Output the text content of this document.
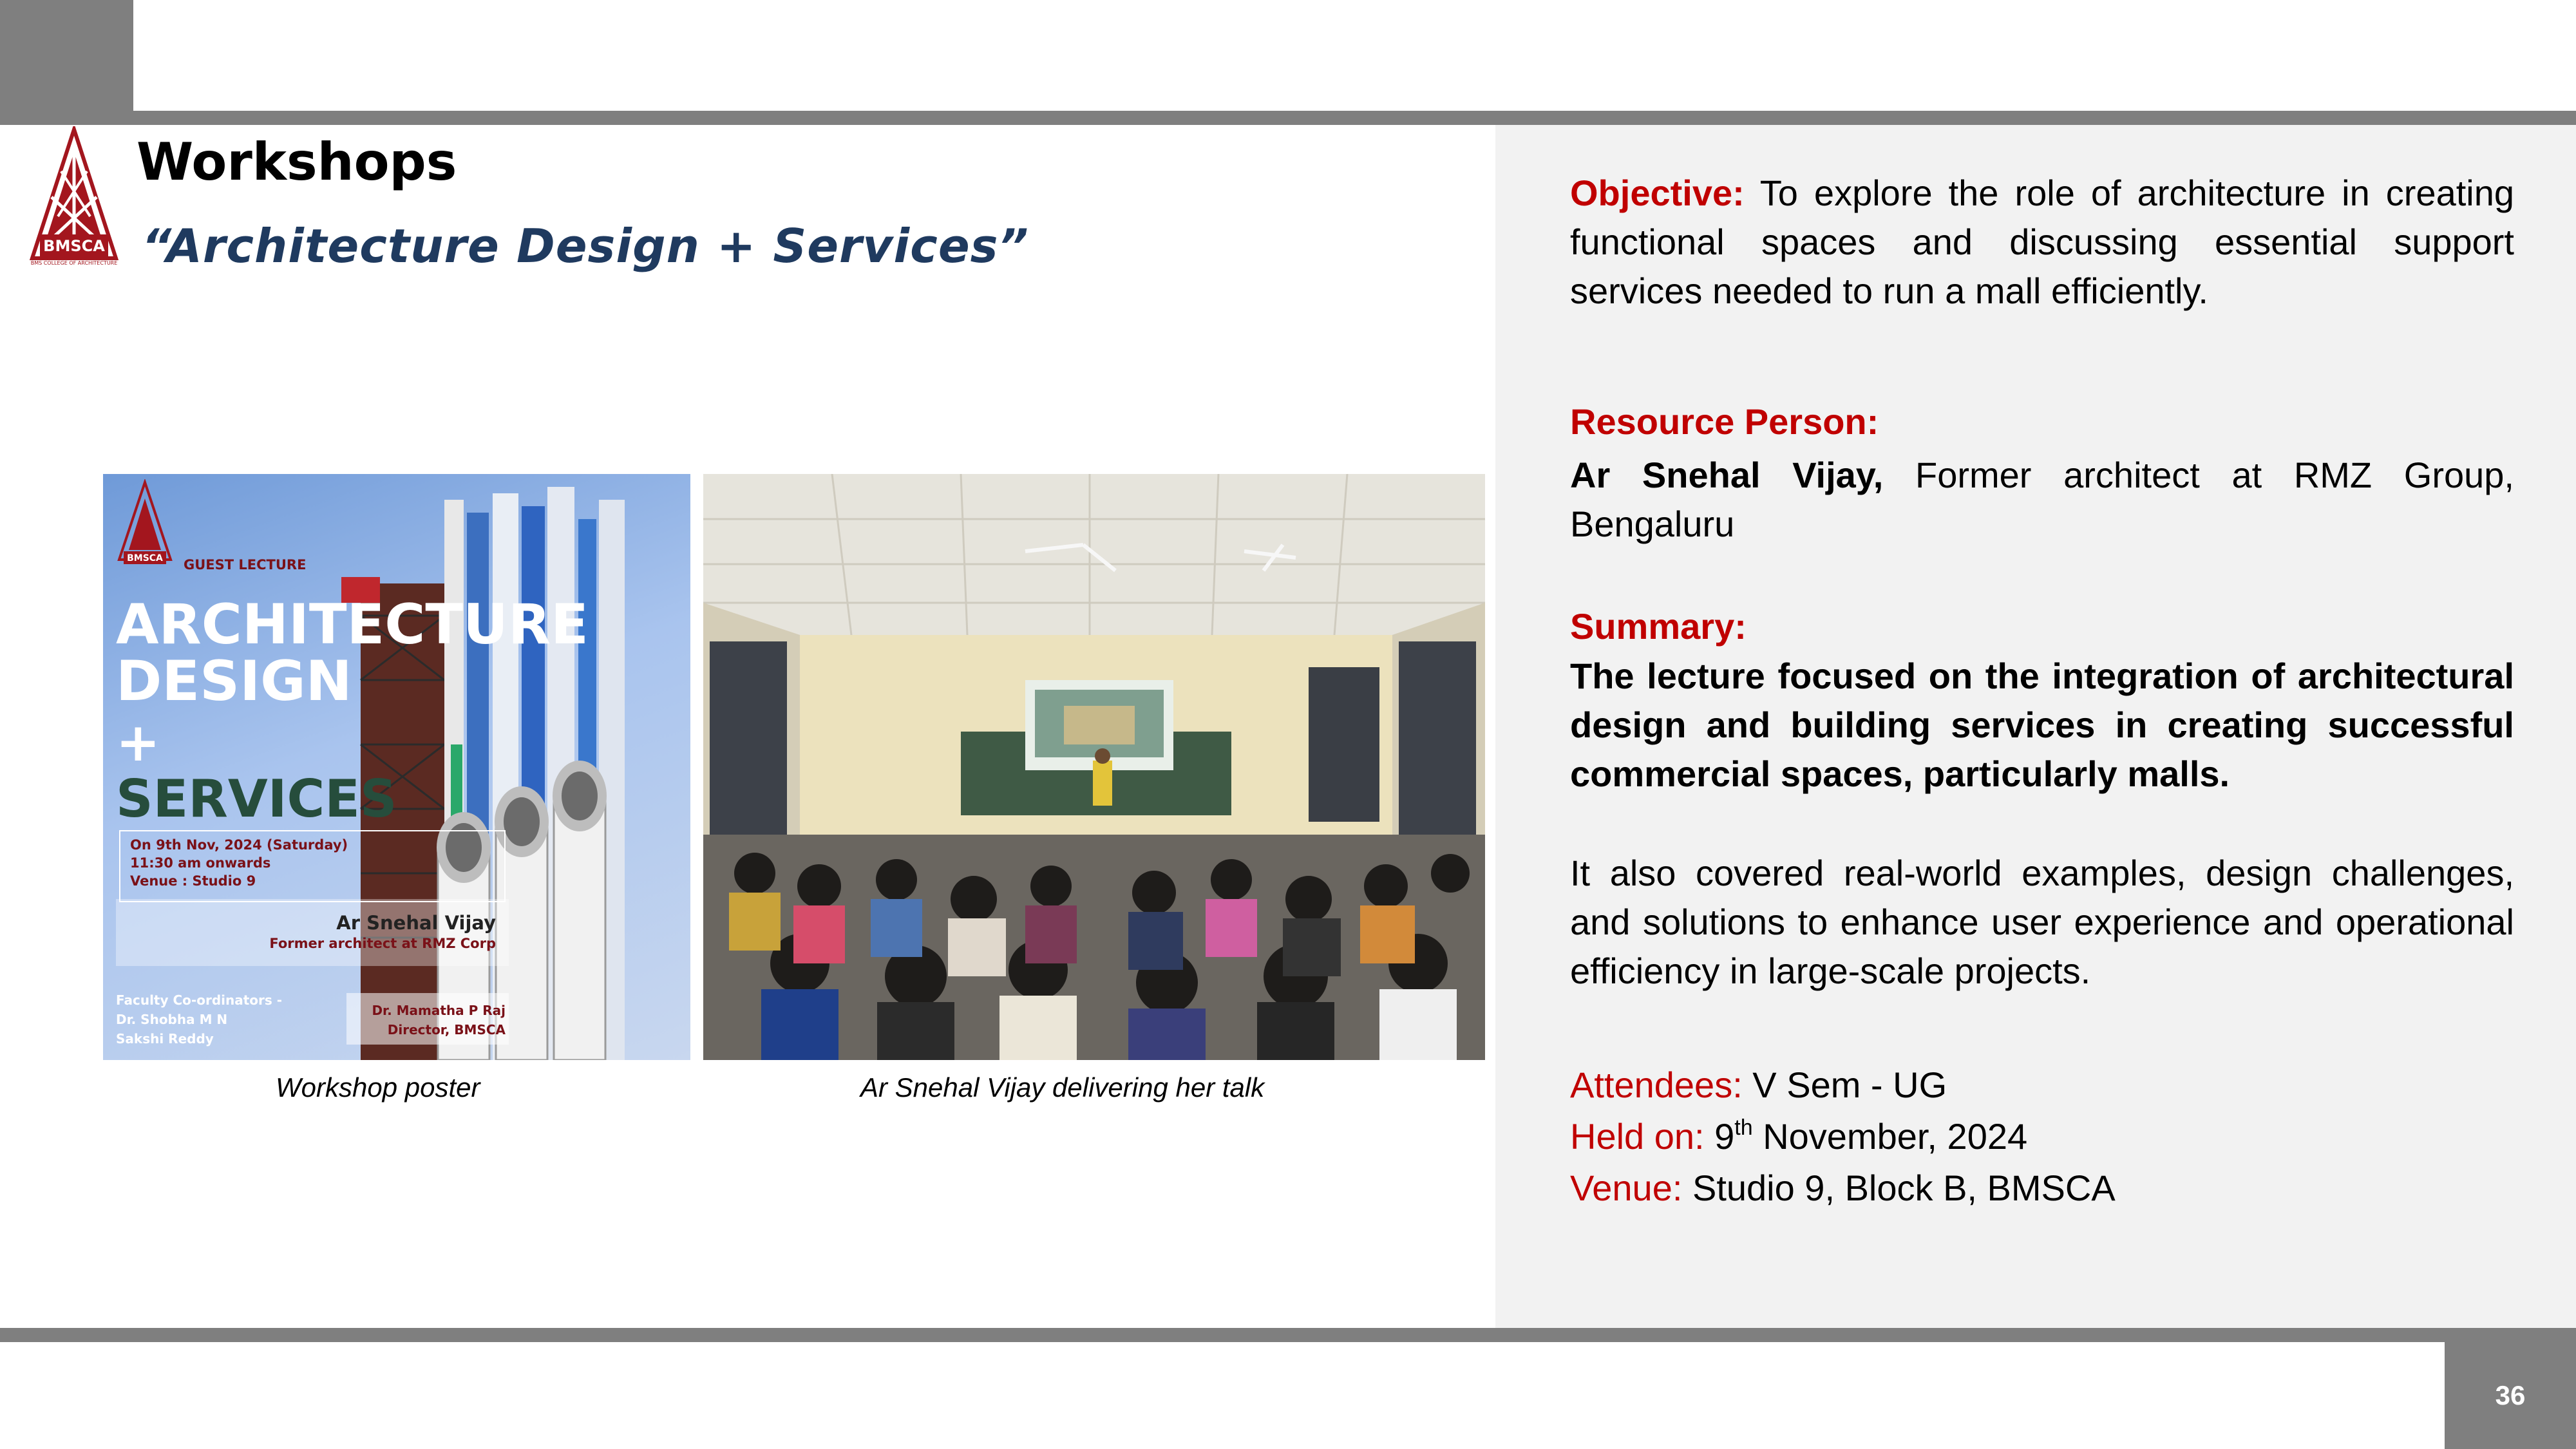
BMSCA
BMS COLLEGE OF ARCHITECTURE
Workshops
“Architecture Design + Services”
BMSCA GUEST LECTURE
ARCHITECTURE
DESIGN
+
SERVICES
On 9th Nov, 2024 (Saturday)
11:30 am onwards
Venue : Studio 9
Ar Snehal Vijay
Former architect at RMZ Corp
Faculty Co-ordinators -
Dr. Shobha M N
Sakshi Reddy
Dr. Mamatha P Raj
Director, BMSCA
Workshop poster	Ar Snehal Vijay delivering her talk
Objective: To explore the role of architecture in creating functional spaces and discussing essential support services needed to run a mall efficiently.
Resource Person:
Ar Snehal Vijay, Former architect at RMZ Group, Bengaluru
Summary:
The lecture focused on the integration of architectural design and building services in creating successful commercial spaces, particularly malls.
It also covered real-world examples, design challenges, and solutions to enhance user experience and operational efficiency in large-scale projects.
Attendees: V Sem - UG
Held on: 9th November, 2024
Venue: Studio 9, Block B, BMSCA
36
